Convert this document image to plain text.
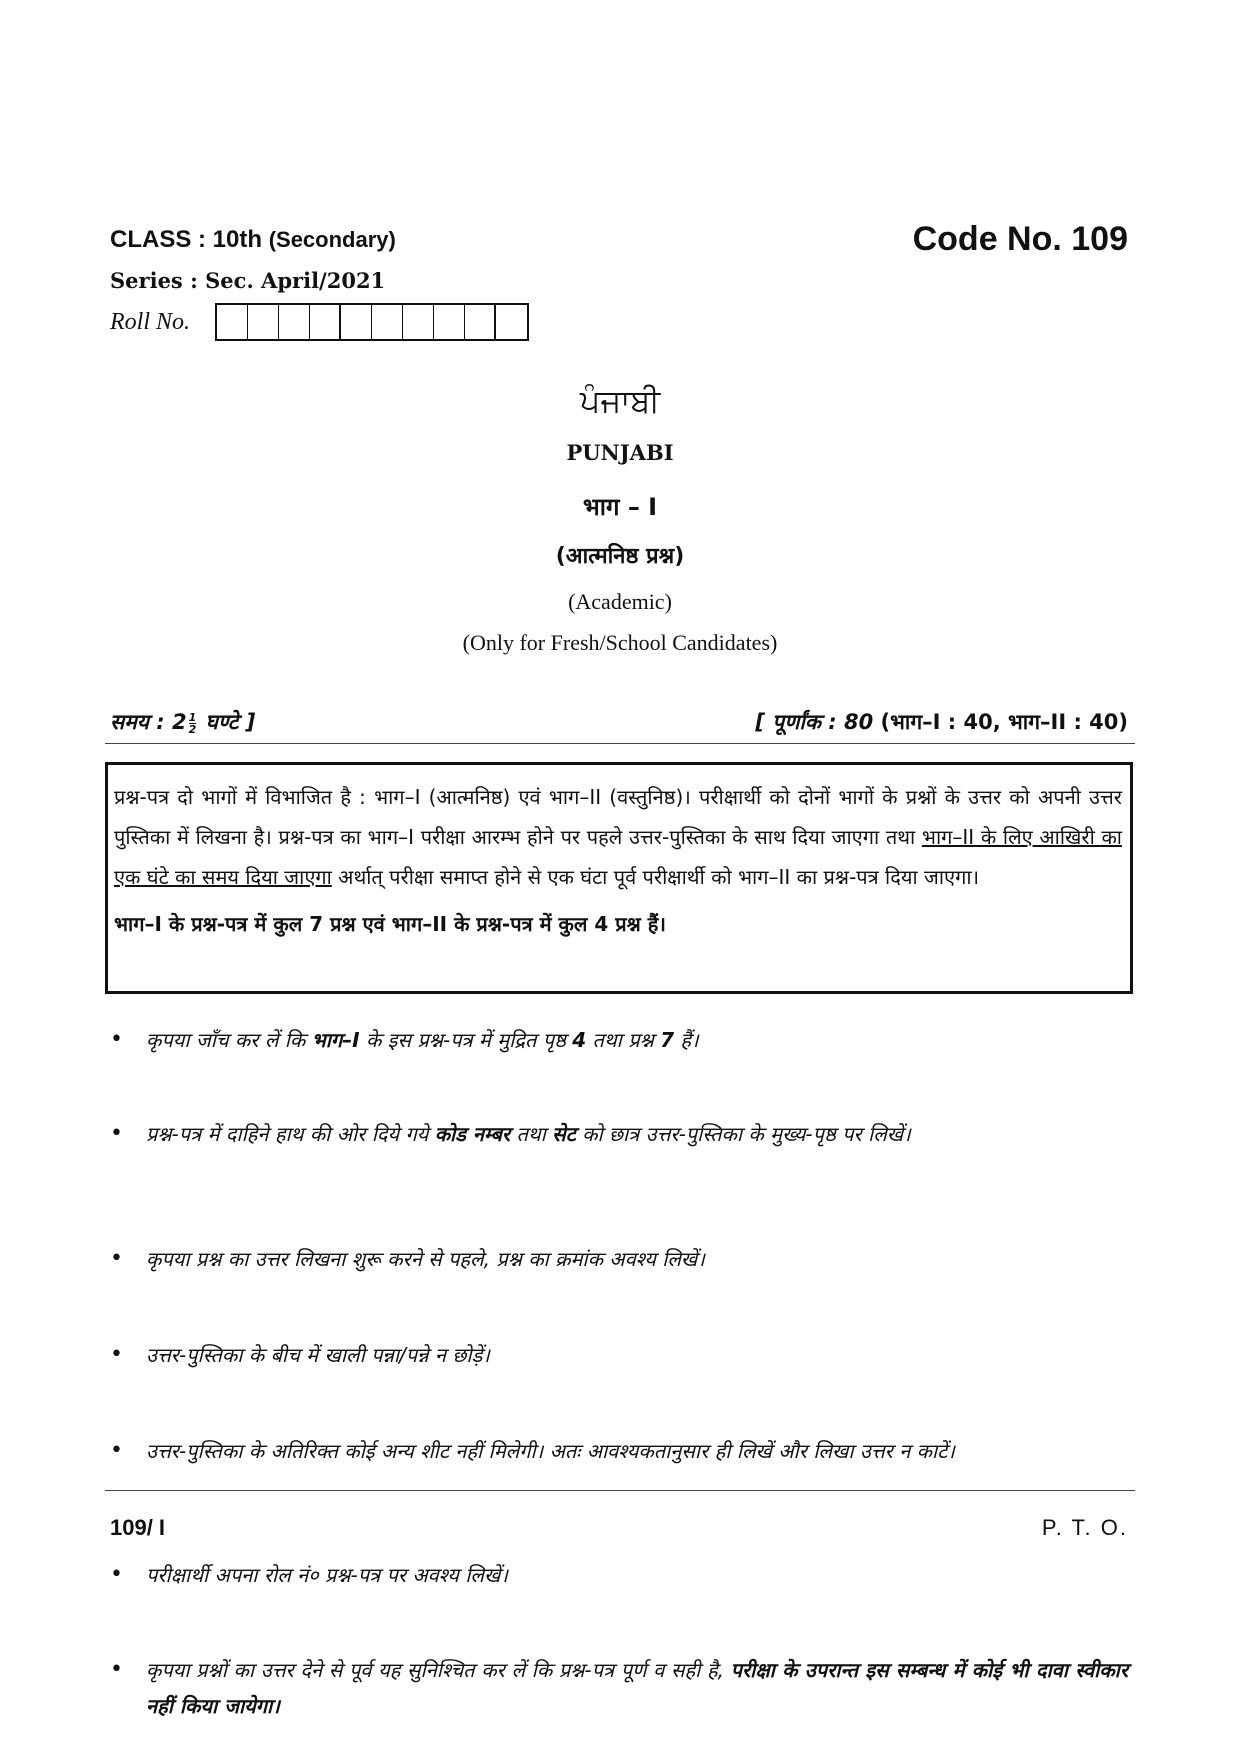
CLASS : 10th (Secondary)	Code No. 109
Series : Sec. April/2021
Roll No.
ਪੰਜਾਬੀ
PUNJABI
भाग – I
(आत्मनिष्ठ प्रश्न)
(Academic)
(Only for Fresh/School Candidates)
समय : $2 \frac{1}{2}$ घण्टे ]	[ पूर्णांक : 80 (भाग–I : 40, भाग–II : 40)

प्रश्न-पत्र दो भागों में विभाजित है : भाग–I (आत्मनिष्ठ) एवं भाग–II (वस्तुनिष्ठ)। परीक्षार्थी को दोनों भागों के प्रश्नों के उत्तर को अपनी उत्तर पुस्तिका में लिखना है। प्रश्न-पत्र का भाग–I परीक्षा आरम्भ होने पर पहले उत्तर-पुस्तिका के साथ दिया जाएगा तथा भाग–II के लिए आखिरी का एक घंटे का समय दिया जाएगा अर्थात् परीक्षा समाप्त होने से एक घंटा पूर्व परीक्षार्थी को भाग–II का प्रश्न-पत्र दिया जाएगा।

भाग–I के प्रश्न-पत्र में कुल 7 प्रश्न एवं भाग–II के प्रश्न-पत्र में कुल 4 प्रश्न हैं।

• कृपया जाँच कर लें कि भाग–I के इस प्रश्न-पत्र में मुद्रित पृष्ठ 4 तथा प्रश्न 7 हैं।
• प्रश्न-पत्र में दाहिने हाथ की ओर दिये गये कोड नम्बर तथा सेट को छात्र उत्तर-पुस्तिका के मुख्य-पृष्ठ पर लिखें।
• कृपया प्रश्न का उत्तर लिखना शुरू करने से पहले, प्रश्न का क्रमांक अवश्य लिखें।
• उत्तर-पुस्तिका के बीच में खाली पन्ना/पन्ने न छोड़ें।
• उत्तर-पुस्तिका के अतिरिक्त कोई अन्य शीट नहीं मिलेगी। अतः आवश्यकतानुसार ही लिखें और लिखा उत्तर न काटें।
• परीक्षार्थी अपना रोल नं० प्रश्न-पत्र पर अवश्य लिखें।
• कृपया प्रश्नों का उत्तर देने से पूर्व यह सुनिश्चित कर लें कि प्रश्न-पत्र पूर्ण व सही है, परीक्षा के उपरान्त इस सम्बन्ध में कोई भी दावा स्वीकार नहीं किया जायेगा।
109/ I	P. T. O.
